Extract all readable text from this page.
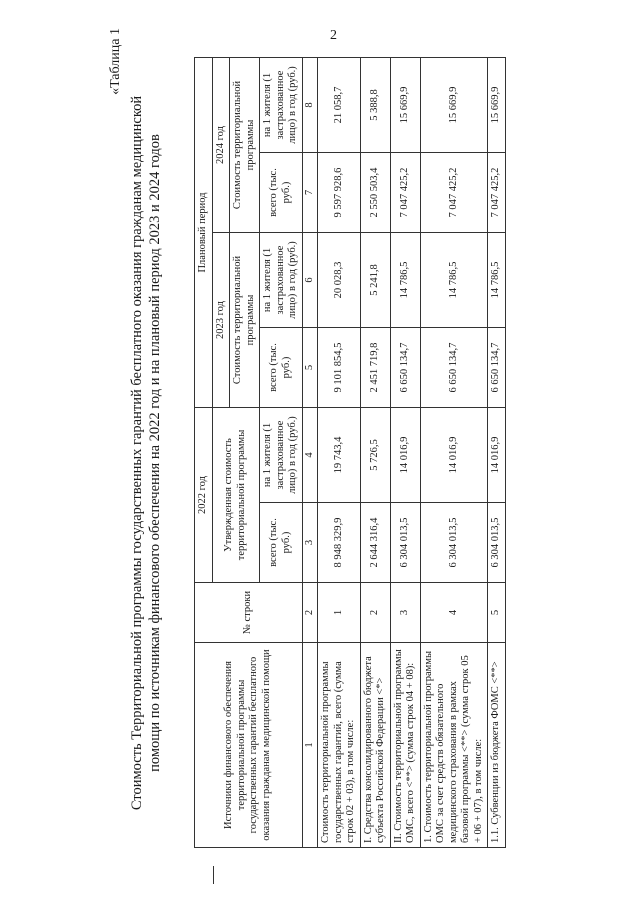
2
«Таблица 1
Стоимость Территориальной программы государственных гарантий бесплатного оказания гражданам медицинской помощи по источникам финансового обеспечения на 2022 год и на плановый период 2023 и 2024 годов	Источники финансового обеспечения территориальной программы государственных гарантий бесплатного оказания гражданам медицинской помощи	№ строки	2022 год		Плановый период			
		Утвержденная стоимость территориальной программы		2023 год		2024 год	
				Стоимость территориальной программы		Стоимость территориальной программы	
		всего (тыс. руб.)	на 1 жителя (1 застрахованное лицо) в год (руб.)	всего (тыс. руб.)	на 1 жителя (1 застрахованное лицо) в год (руб.)	всего (тыс. руб.)	на 1 жителя (1 застрахованное лицо) в год (руб.)
1	2	3	4	5	6	7	8
Стоимость территориальной программы государственных гарантий, всего (сумма строк 02 + 03), в том числе:	1	8 948 329,9	19 743,4	9 101 854,5	20 028,3	9 597 928,6	21 058,7
I. Средства консолидированного бюджета субъекта Российской Федерации <*>	2	2 644 316,4	5 726,5	2 451 719,8	5 241,8	2 550 503,4	5 388,8
II. Стоимость территориальной программы ОМС, всего <**> (сумма строк 04 + 08):	3	6 304 013,5	14 016,9	6 650 134,7	14 786,5	7 047 425,2	15 669,9
1. Стоимость территориальной программы ОМС за счет средств обязательного медицинского страхования в рамках базовой программы <**> (сумма строк 05 + 06 + 07), в том числе:	4	6 304 013,5	14 016,9	6 650 134,7	14 786,5	7 047 425,2	15 669,9
1.1. Субвенции из бюджета ФОМС <**>	5	6 304 013,5	14 016,9	6 650 134,7	14 786,5	7 047 425,2	15 669,9
